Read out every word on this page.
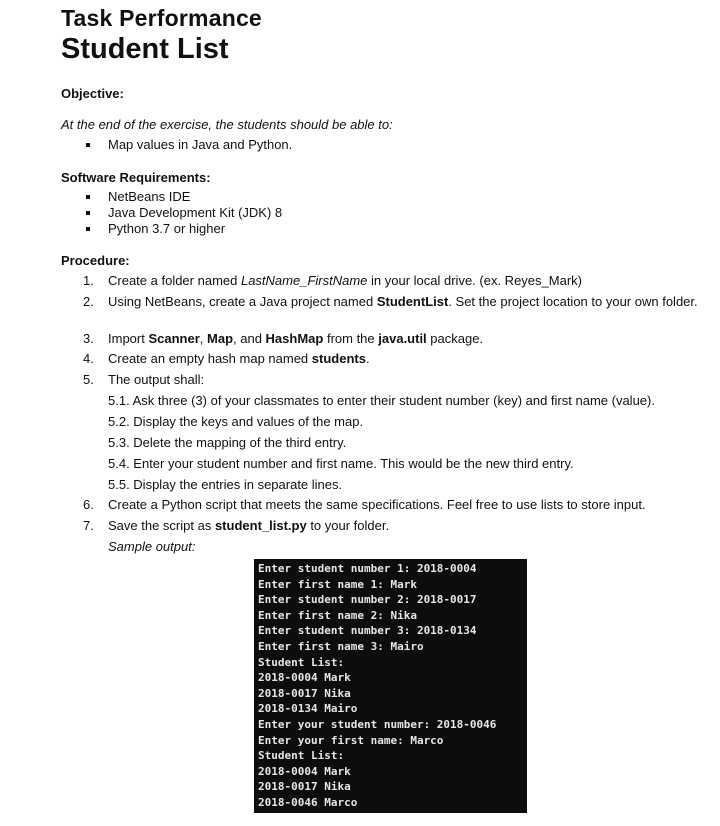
Task Performance
Student List
Objective:
At the end of the exercise, the students should be able to:
Map values in Java and Python.
Software Requirements:
NetBeans IDE
Java Development Kit (JDK) 8
Python 3.7 or higher
Procedure:
1.	Create a folder named LastName_FirstName in your local drive. (ex. Reyes_Mark)
2.	Using NetBeans, create a Java project named StudentList. Set the project location to your own folder.
3.	Import Scanner, Map, and HashMap from the java.util package.
4.	Create an empty hash map named students.
5.	The output shall:
5.1. Ask three (3) of your classmates to enter their student number (key) and first name (value).
5.2. Display the keys and values of the map.
5.3. Delete the mapping of the third entry.
5.4. Enter your student number and first name. This would be the new third entry.
5.5. Display the entries in separate lines.
6.	Create a Python script that meets the same specifications. Feel free to use lists to store input.
7.	Save the script as student_list.py to your folder.
Sample output:
Enter student number 1: 2018-0004
Enter first name 1: Mark
Enter student number 2: 2018-0017
Enter first name 2: Nika
Enter student number 3: 2018-0134
Enter first name 3: Mairo
Student List:
2018-0004 Mark
2018-0017 Nika
2018-0134 Mairo
Enter your student number: 2018-0046
Enter your first name: Marco
Student List:
2018-0004 Mark
2018-0017 Nika
2018-0046 Marco
